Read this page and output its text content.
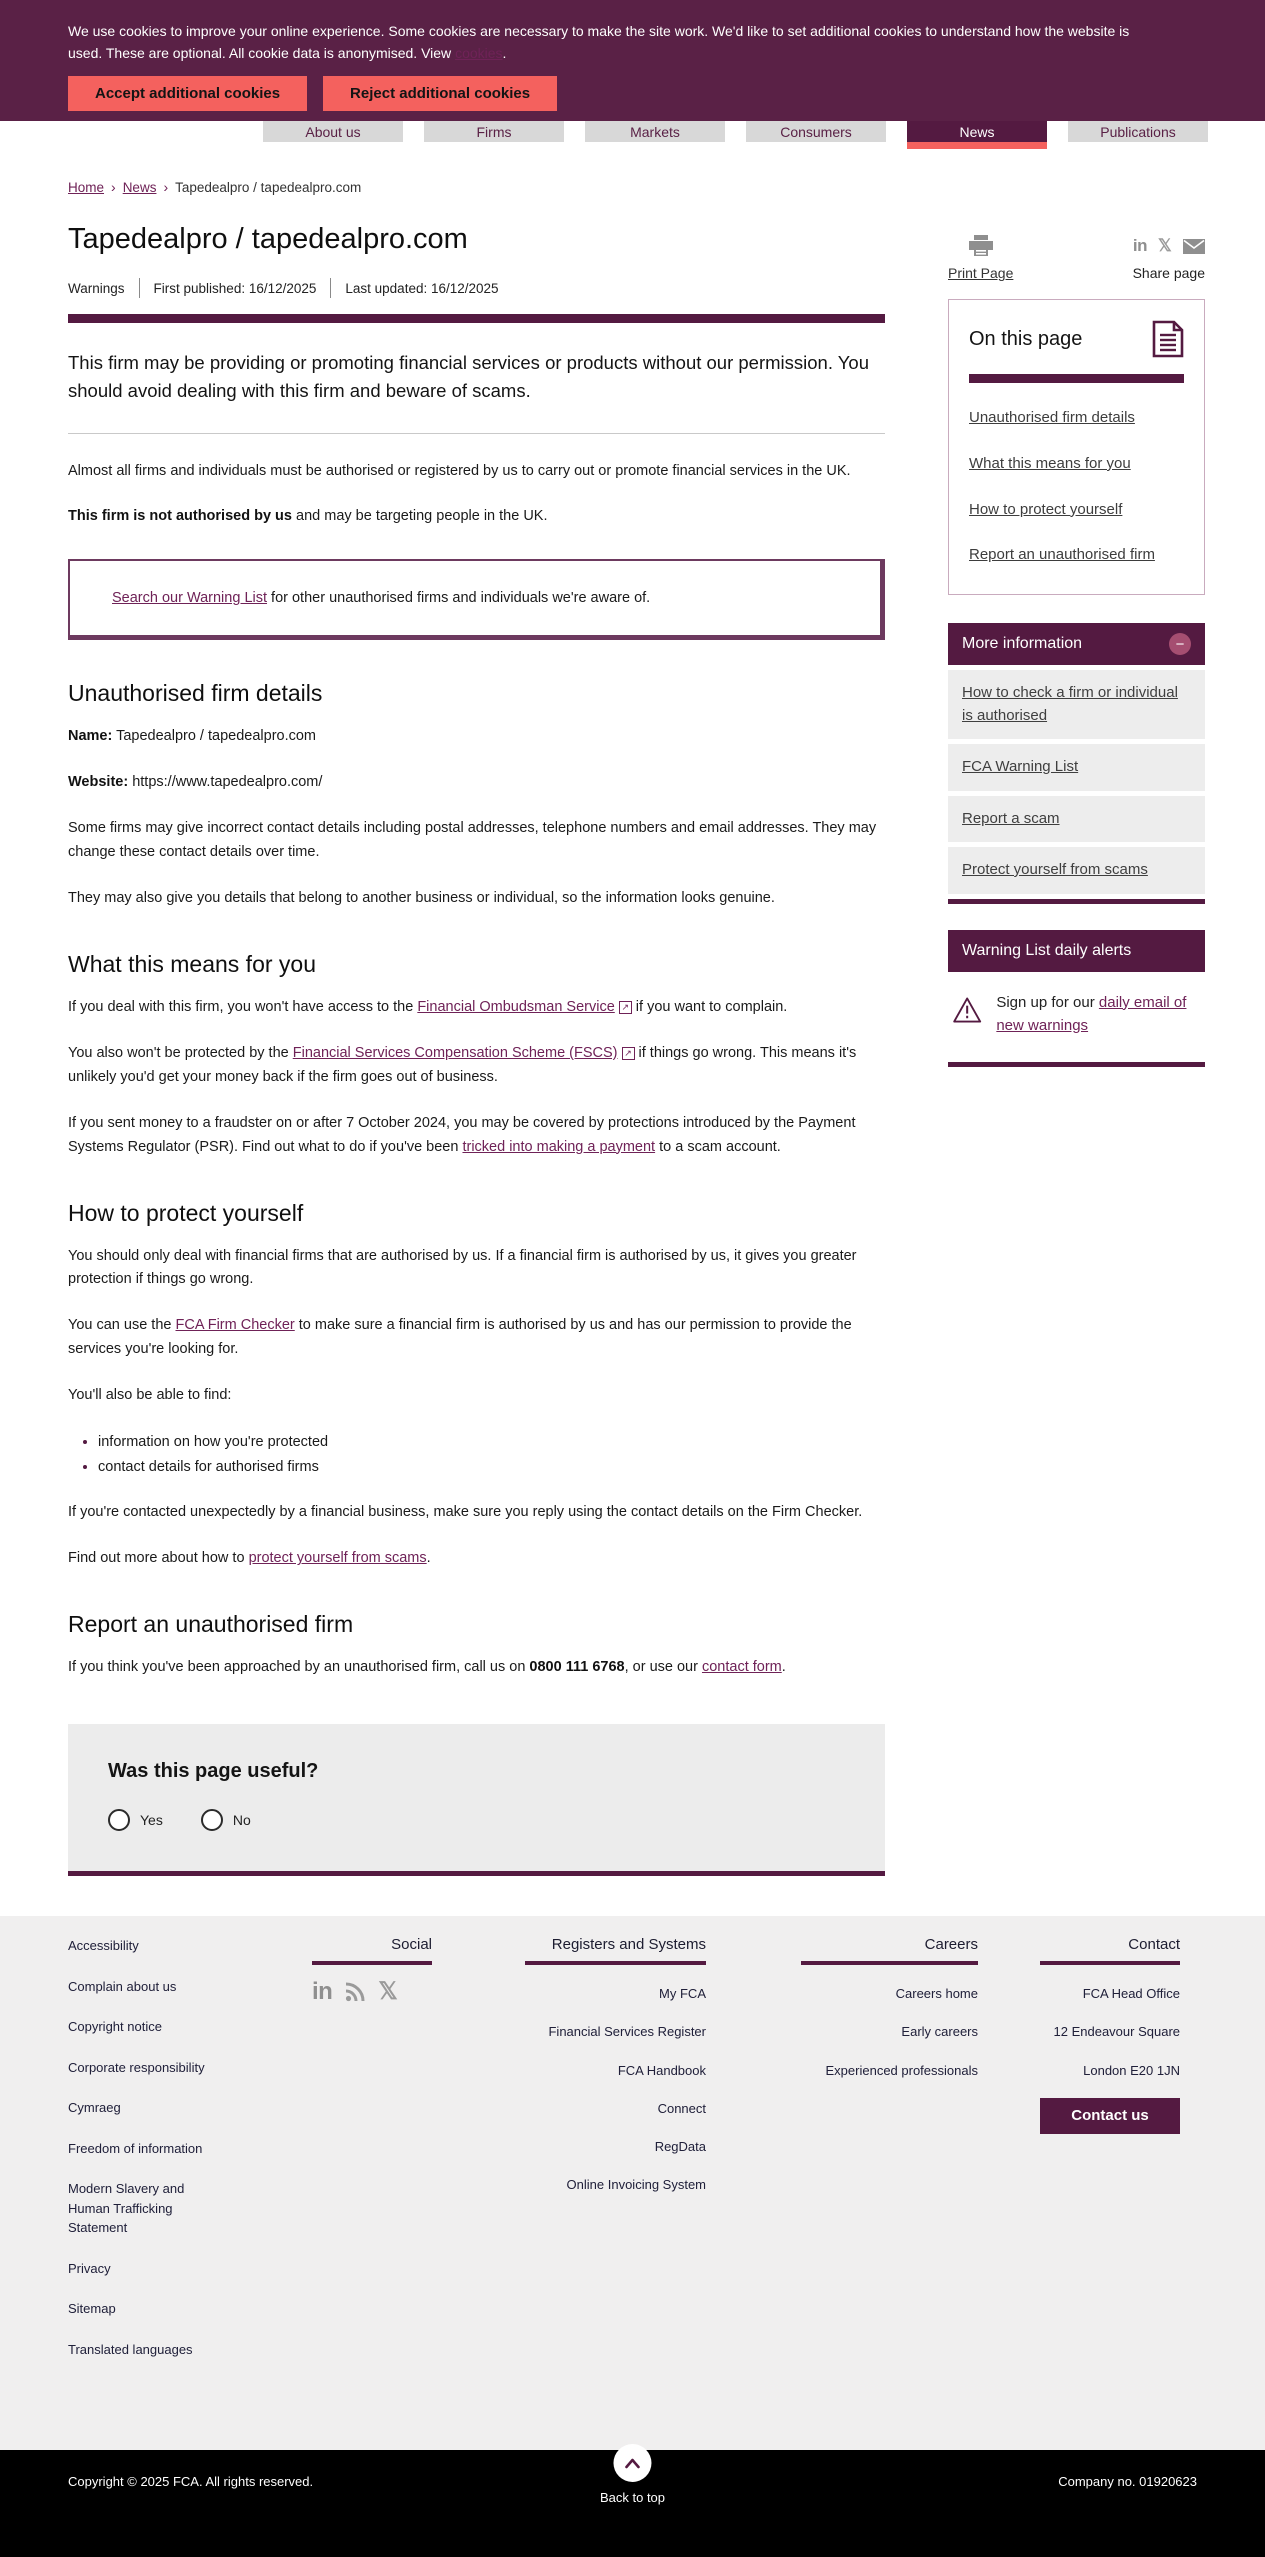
We use cookies to improve your online experience. Some cookies are necessary to make the site work. We'd like to set additional cookies to understand how the website is used. These are optional. All cookie data is anonymised. View cookies.

Accept additional cookies	Reject additional cookies
About us	Firms	Markets	Consumers	News	Publications
Home › News › Tapedealpro / tapedealpro.com
Tapedealpro / tapedealpro.com
Warnings First published: 16/12/2025 Last updated: 16/12/2025

This firm may be providing or promoting financial services or products without our permission. You should avoid dealing with this firm and beware of scams.

Almost all firms and individuals must be authorised or registered by us to carry out or promote financial services in the UK.

This firm is not authorised by us and may be targeting people in the UK.

Search our Warning List for other unauthorised firms and individuals we're aware of.
Unauthorised firm details

Name: Tapedealpro / tapedealpro.com

Website: https://www.tapedealpro.com/

Some firms may give incorrect contact details including postal addresses, telephone numbers and email addresses. They may change these contact details over time.

They may also give you details that belong to another business or individual, so the information looks genuine.

What this means for you

If you deal with this firm, you won't have access to the Financial Ombudsman Service ↗ if you want to complain.

You also won't be protected by the Financial Services Compensation Scheme (FSCS) ↗ if things go wrong. This means it's unlikely you'd get your money back if the firm goes out of business.

If you sent money to a fraudster on or after 7 October 2024, you may be covered by protections introduced by the Payment Systems Regulator (PSR). Find out what to do if you've been tricked into making a payment to a scam account.

How to protect yourself

You should only deal with financial firms that are authorised by us. If a financial firm is authorised by us, it gives you greater protection if things go wrong.

You can use the FCA Firm Checker to make sure a financial firm is authorised by us and has our permission to provide the services you're looking for.

You'll also be able to find:

• information on how you're protected
• contact details for authorised firms

If you're contacted unexpectedly by a financial business, make sure you reply using the contact details on the Firm Checker.

Find out more about how to protect yourself from scams.

Report an unauthorised firm

If you think you've been approached by an unauthorised firm, call us on 0800 111 6768, or use our contact form.

Was this page useful?
Yes	No
Print Page
in 𝕏
Share page
On this page
Unauthorised firm details
What this means for you
How to protect yourself
Report an unauthorised firm
More information	−
How to check a firm or individual is authorised
FCA Warning List
Report a scam
Protect yourself from scams
Warning List daily alerts
Sign up for our daily email of new warnings
Accessibility
Complain about us
Copyright notice
Corporate responsibility
Cymraeg
Freedom of information
Modern Slavery and Human Trafficking Statement
Privacy
Sitemap
Translated languages
Social
in 𝕏
Registers and Systems
My FCA
Financial Services Register
FCA Handbook
Connect
RegData
Online Invoicing System
Careers
Careers home
Early careers
Experienced professionals
Contact
FCA Head Office
12 Endeavour Square
London E20 1JN
Contact us
Copyright © 2025 FCA. All rights reserved.
Back to top
Company no. 01920623
